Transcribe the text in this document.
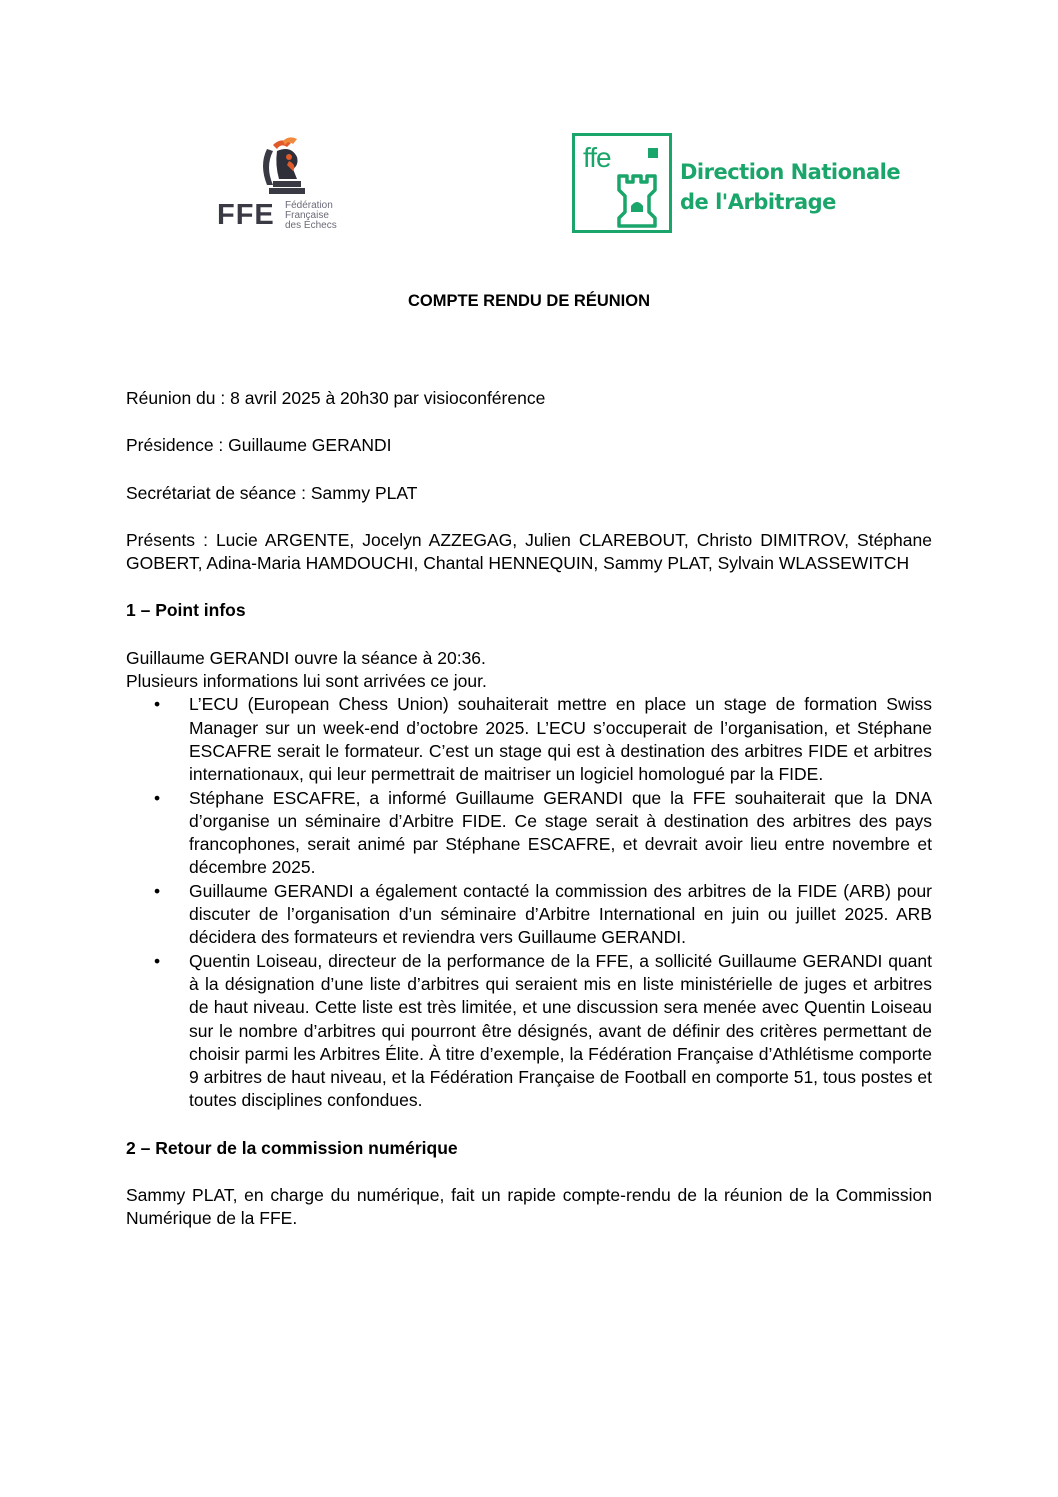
FFE Fédération
Française
des Échecs
ffe	Direction Nationale
de l'Arbitrage
COMPTE RENDU DE RÉUNION

Réunion du : 8 avril 2025 à 20h30 par visioconférence

Présidence : Guillaume GERANDI

Secrétariat de séance : Sammy PLAT

Présents : Lucie ARGENTE, Jocelyn AZZEGAG, Julien CLAREBOUT, Christo DIMITROV, Stéphane GOBERT, Adina-Maria HAMDOUCHI, Chantal HENNEQUIN, Sammy PLAT, Sylvain WLASSEWITCH

1 – Point infos

Guillaume GERANDI ouvre la séance à 20:36.

Plusieurs informations lui sont arrivées ce jour.

• L’ECU (European Chess Union) souhaiterait mettre en place un stage de formation Swiss Manager sur un week-end d’octobre 2025. L’ECU s’occuperait de l’organisation, et Stéphane ESCAFRE serait le formateur. C’est un stage qui est à destination des arbitres FIDE et arbitres internationaux, qui leur permettrait de maitriser un logiciel homologué par la FIDE.
• Stéphane ESCAFRE, a informé Guillaume GERANDI que la FFE souhaiterait que la DNA d’organise un séminaire d’Arbitre FIDE. Ce stage serait à destination des arbitres des pays francophones, serait animé par Stéphane ESCAFRE, et devrait avoir lieu entre novembre et décembre 2025.
• Guillaume GERANDI a également contacté la commission des arbitres de la FIDE (ARB) pour discuter de l’organisation d’un séminaire d’Arbitre International en juin ou juillet 2025. ARB décidera des formateurs et reviendra vers Guillaume GERANDI.
• Quentin Loiseau, directeur de la performance de la FFE, a sollicité Guillaume GERANDI quant à la désignation d’une liste d’arbitres qui seraient mis en liste ministérielle de juges et arbitres de haut niveau. Cette liste est très limitée, et une discussion sera menée avec Quentin Loiseau sur le nombre d’arbitres qui pourront être désignés, avant de définir des critères permettant de choisir parmi les Arbitres Élite. À titre d’exemple, la Fédération Française d’Athlétisme comporte 9 arbitres de haut niveau, et la Fédération Française de Football en comporte 51, tous postes et toutes disciplines confondues.

2 – Retour de la commission numérique

Sammy PLAT, en charge du numérique, fait un rapide compte-rendu de la réunion de la Commission Numérique de la FFE.
